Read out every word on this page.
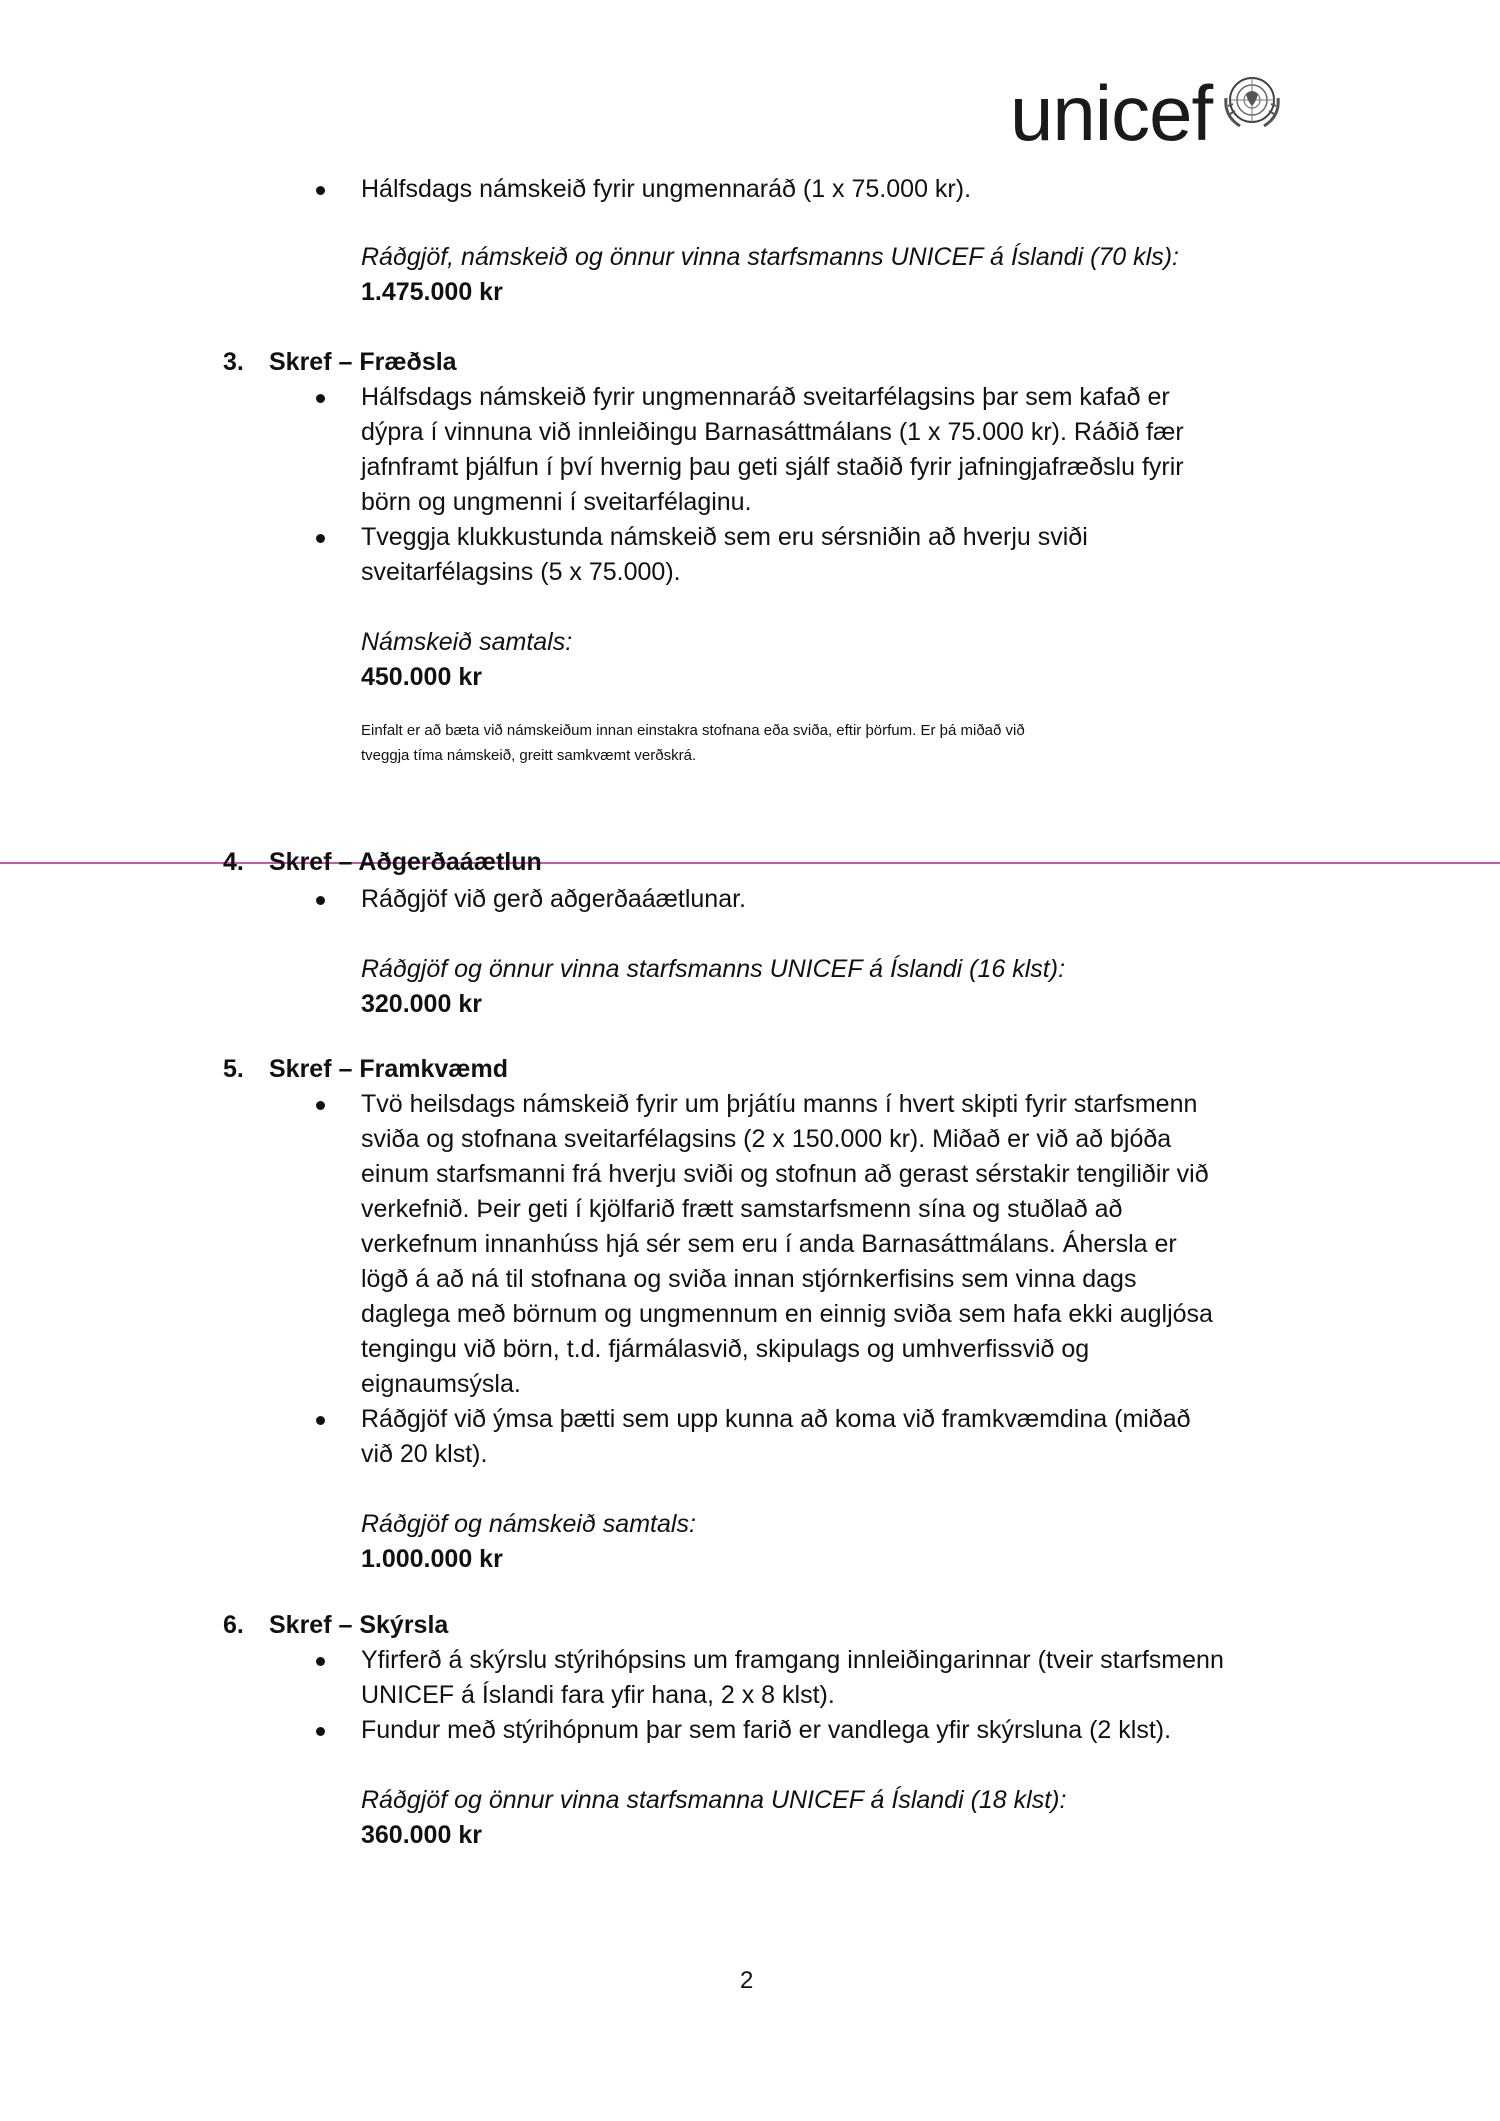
unicef
Hálfsdags námskeið fyrir ungmennaráð (1 x 75.000 kr).
Ráðgjöf, námskeið og önnur vinna starfsmanns UNICEF á Íslandi (70 kls):
1.475.000 kr
3. Skref – Fræðsla
Hálfsdags námskeið fyrir ungmennaráð sveitarfélagsins þar sem kafað er
dýpra í vinnuna við innleiðingu Barnasáttmálans (1 x 75.000 kr). Ráðið fær
jafnframt þjálfun í því hvernig þau geti sjálf staðið fyrir jafningjafræðslu fyrir
börn og ungmenni í sveitarfélaginu.
Tveggja klukkustunda námskeið sem eru sérsniðin að hverju sviði
sveitarfélagsins (5 x 75.000).
Námskeið samtals:
450.000 kr
Einfalt er að bæta við námskeiðum innan einstakra stofnana eða sviða, eftir þörfum. Er þá miðað við
tveggja tíma námskeið, greitt samkvæmt verðskrá.
4. Skref – Aðgerðaáætlun
Ráðgjöf við gerð aðgerðaáætlunar.
Ráðgjöf og önnur vinna starfsmanns UNICEF á Íslandi (16 klst):
320.000 kr
5. Skref – Framkvæmd
Tvö heilsdags námskeið fyrir um þrjátíu manns í hvert skipti fyrir starfsmenn
sviða og stofnana sveitarfélagsins (2 x 150.000 kr). Miðað er við að bjóða
einum starfsmanni frá hverju sviði og stofnun að gerast sérstakir tengiliðir við
verkefnið. Þeir geti í kjölfarið frætt samstarfsmenn sína og stuðlað að
verkefnum innanhúss hjá sér sem eru í anda Barnasáttmálans. Áhersla er
lögð á að ná til stofnana og sviða innan stjórnkerfisins sem vinna dags
daglega með börnum og ungmennum en einnig sviða sem hafa ekki augljósa
tengingu við börn, t.d. fjármálasvið, skipulags og umhverfissvið og
eignaumsýsla.
Ráðgjöf við ýmsa þætti sem upp kunna að koma við framkvæmdina (miðað
við 20 klst).
Ráðgjöf og námskeið samtals:
1.000.000 kr
6. Skref – Skýrsla
Yfirferð á skýrslu stýrihópsins um framgang innleiðingarinnar (tveir starfsmenn
UNICEF á Íslandi fara yfir hana, 2 x 8 klst).
Fundur með stýrihópnum þar sem farið er vandlega yfir skýrsluna (2 klst).
Ráðgjöf og önnur vinna starfsmanna UNICEF á Íslandi (18 klst):
360.000 kr
2
